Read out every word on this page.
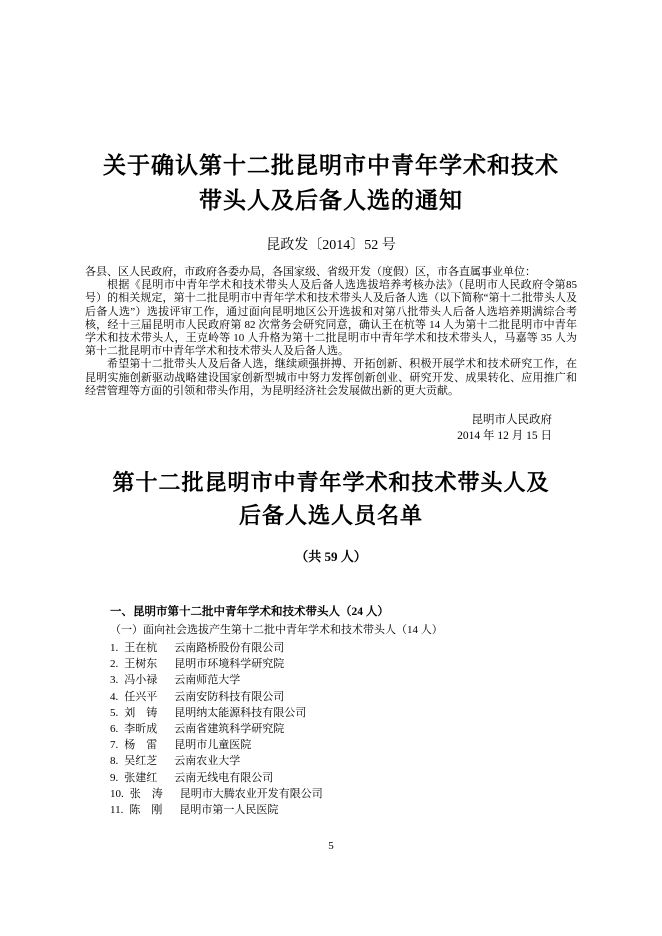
关于确认第十二批昆明市中青年学术和技术
带头人及后备人选的通知
昆政发〔2014〕52 号

各县、区人民政府，市政府各委办局，各国家级、省级开发（度假）区，市各直属事业单位：

根据《昆明市中青年学术和技术带头人及后备人选选拔培养考核办法》（昆明市人民政府令第85 号）的相关规定，第十二批昆明市中青年学术和技术带头人及后备人选（以下简称“第十二批带头人及后备人选”）选拔评审工作，通过面向昆明地区公开选拔和对第八批带头人后备人选培养期满综合考核，经十三届昆明市人民政府第 82 次常务会研究同意，确认王在杭等 14 人为第十二批昆明市中青年学术和技术带头人，王克岭等 10 人升格为第十二批昆明市中青年学术和技术带头人，马嘉等 35 人为第十二批昆明市中青年学术和技术带头人及后备人选。

希望第十二批带头人及后备人选，继续顽强拼搏、开拓创新、积极开展学术和技术研究工作，在昆明实施创新驱动战略建设国家创新型城市中努力发挥创新创业、研究开发、成果转化、应用推广和经营管理等方面的引领和带头作用，为昆明经济社会发展做出新的更大贡献。

昆明市人民政府
2014 年 12 月 15 日
第十二批昆明市中青年学术和技术带头人及
后备人选人员名单
（共 59 人）
一、昆明市第十二批中青年学术和技术带头人（24 人）
（一）面向社会选拔产生第十二批中青年学术和技术带头人（14 人）
1. 王在杭 云南路桥股份有限公司
2. 王树东 昆明市环境科学研究院
3. 冯小禄 云南师范大学
4. 任兴平 云南安防科技有限公司
5. 刘　铸 昆明纳太能源科技有限公司
6. 李昕成 云南省建筑科学研究院
7. 杨　雷 昆明市儿童医院
8. 吴红芝 云南农业大学
9. 张建红 云南无线电有限公司
10. 张　涛 昆明市大腾农业开发有限公司
11. 陈　刚 昆明市第一人民医院
5
